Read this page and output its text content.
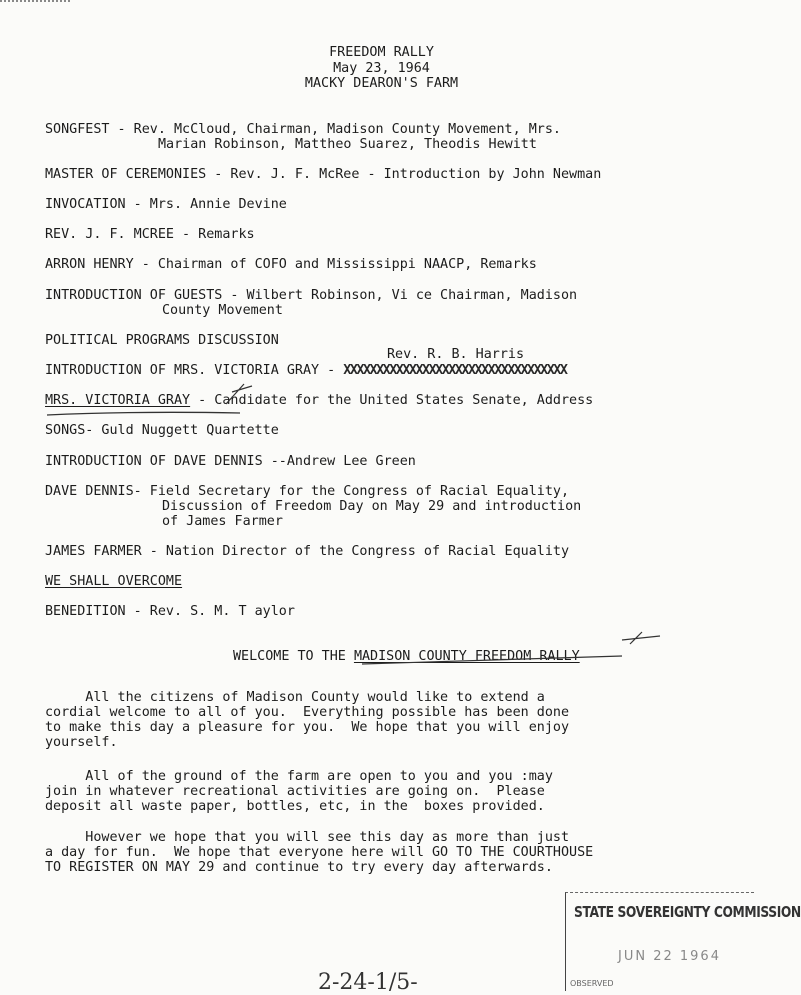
FREEDOM RALLY
May 23, 1964
MACKY DEARON'S FARM
SONGFEST - Rev. McCloud, Chairman, Madison County Movement, Mrs.
Marian Robinson, Mattheo Suarez, Theodis Hewitt
MASTER OF CEREMONIES - Rev. J. F. McRee - Introduction by John Newman
INVOCATION - Mrs. Annie Devine
REV. J. F. MCREE - Remarks
ARRON HENRY - Chairman of COFO and Mississippi NAACP, Remarks
INTRODUCTION OF GUESTS - Wilbert Robinson, Vi ce Chairman, Madison
County Movement
POLITICAL PROGRAMS DISCUSSION
Rev. R. B. Harris
INTRODUCTION OF MRS. VICTORIA GRAY - XXXXXXXXXXXXXXXXXXXXXXXXXXXXXXXXXX
MRS. VICTORIA GRAY - Candidate for the United States Senate, Address
SONGS- Guld Nuggett Quartette
INTRODUCTION OF DAVE DENNIS --Andrew Lee Green
DAVE DENNIS- Field Secretary for the Congress of Racial Equality,
Discussion of Freedom Day on May 29 and introduction
of James Farmer
JAMES FARMER - Nation Director of the Congress of Racial Equality
WE SHALL OVERCOME
BENEDITION - Rev. S. M. T aylor
WELCOME TO THE MADISON COUNTY FREEDOM RALLY
All the citizens of Madison County would like to extend a
cordial welcome to all of you.  Everything possible has been done
to make this day a pleasure for you.  We hope that you will enjoy
yourself.
All of the ground of the farm are open to you and you :may
join in whatever recreational activities are going on.  Please
deposit all waste paper, bottles, etc, in the  boxes provided.
However we hope that you will see this day as more than just
a day for fun.  We hope that everyone here will GO TO THE COURTHOUSE
TO REGISTER ON MAY 29 and continue to try every day afterwards.
STATE SOVEREIGNTY COMMISSION
JUN 22 1964
OBSERVED
2-24-1/5-
